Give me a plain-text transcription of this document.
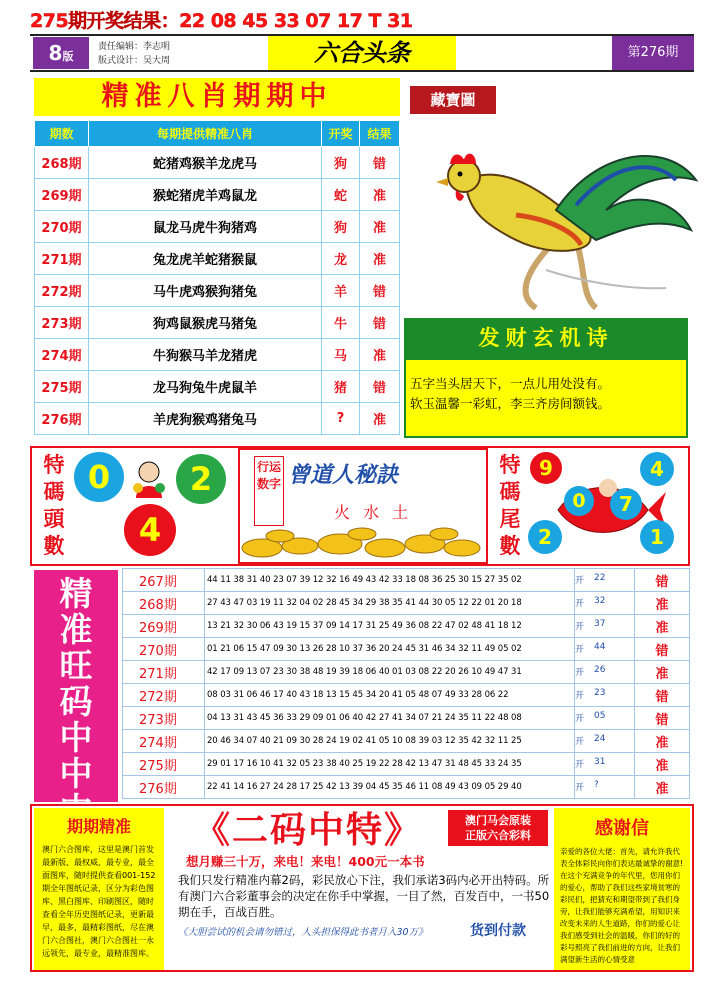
275期开奖结果：22 08 45 33 07 17 T 31
8版
责任编辑：李志明
版式设计：吴大周	六合头条	第276期
精准八肖期期中	藏寶圖
期数	每期提供精准八肖	开奖	结果
268期	蛇猪鸡猴羊龙虎马	狗	错
269期	猴蛇猪虎羊鸡鼠龙	蛇	准
270期	鼠龙马虎牛狗猪鸡	狗	准
271期	兔龙虎羊蛇猪猴鼠	龙	准
272期	马牛虎鸡猴狗猪兔	羊	错
273期	狗鸡鼠猴虎马猪兔	牛	错
274期	牛狗猴马羊龙猪虎	马	准
275期	龙马狗兔牛虎鼠羊	猪	错
276期	羊虎狗猴鸡猪兔马	?	准
发财玄机诗
五字当头居天下，一点儿用处没有。
软玉温馨一彩虹，李三齐房间额钱。
特
碼
頭
數
0	2
4
行运数字 曾道人秘訣
火 水 土
特
碼
尾
數
9	4
0	7
2	1
精
准
旺
码
中
中
267期	44 11 38 31 40 23 07 39 12 32 16 49 43 42 33 18 08 36 25 30 15 27 35 02	$^开$ $^{22}$	错
268期	27 43 47 03 19 11 32 04 02 28 45 34 29 38 35 41 44 30 05 12 22 01 20 18	$^开$ $^{32}$	准
269期	13 21 32 30 06 43 19 15 37 09 14 17 31 25 49 36 08 22 47 02 48 41 18 12	$^开$ $^{37}$	准
270期	01 21 06 15 47 09 30 13 26 28 10 37 36 20 24 45 31 46 34 32 11 49 05 02	$^开$ $^{44}$	错
271期	42 17 09 13 07 23 30 38 48 19 39 18 06 40 01 03 08 22 20 26 10 49 47 31	$^开$ $^{26}$	准
272期	08 03 31 06 46 17 40 43 18 13 15 45 34 20 41 05 48 07 49 33 28 06 22	$^开$ $^{23}$	错
273期	04 13 31 43 45 36 33 29 09 01 06 40 42 27 41 34 07 21 24 35 11 22 48 08	$^开$ $^{05}$	错
274期	20 46 34 07 40 21 09 30 28 24 19 02 41 05 10 08 39 03 12 35 42 32 11 25	$^开$ $^{24}$	准
275期	29 01 17 16 10 41 32 05 23 38 40 25 19 22 28 42 13 47 31 48 45 33 24 35	$^开$ $^{31}$	准
276期	22 41 14 16 27 24 28 17 25 42 13 39 04 45 35 46 11 08 49 43 09 05 29 40	$^开$ ?	准
期期精准

澳门六合图库，这里是澳门首发最新版、最权威、最专业，最全面图库，随时提供查看001-152期全年图纸记录，区分为彩色图库、黑白图库、印刷图区，随时查看全年历史图纸记录，更新最早，最多，最精彩图纸，尽在澳门六合图社，澳门六合图社一永远领先，最专业，最精准图库。

《二码中特》	澳门马会原装
正版六合彩料
想月赚三十万，来电！来电！400元一本书
我们只发行精准内幕2码，彩民放心下注，我们承诺3码内必开出特码。所有澳门六合彩董事会的决定在你手中掌握，一目了然，百发百中，一书50期在手，百战百胜。
《大胆尝试的机会请勿错过，人头担保得此书者月入30万》	货到付款
感谢信

亲爱的各位大佬：首先，请允许我代表全体彩民向你们表达最诚挚的谢意!在这个充满竞争的年代里，您用你们的爱心，帮助了我们这些家境贫寒的彩民们，把猜充和期望带到了我们身旁，让我们能够充满希望，用知识来改变未来的人生道路，你们的爱心让我们感受到社会的温暖，你们的好的彩号照亮了我们前进的方向，让我们满望新生活的心情受意
